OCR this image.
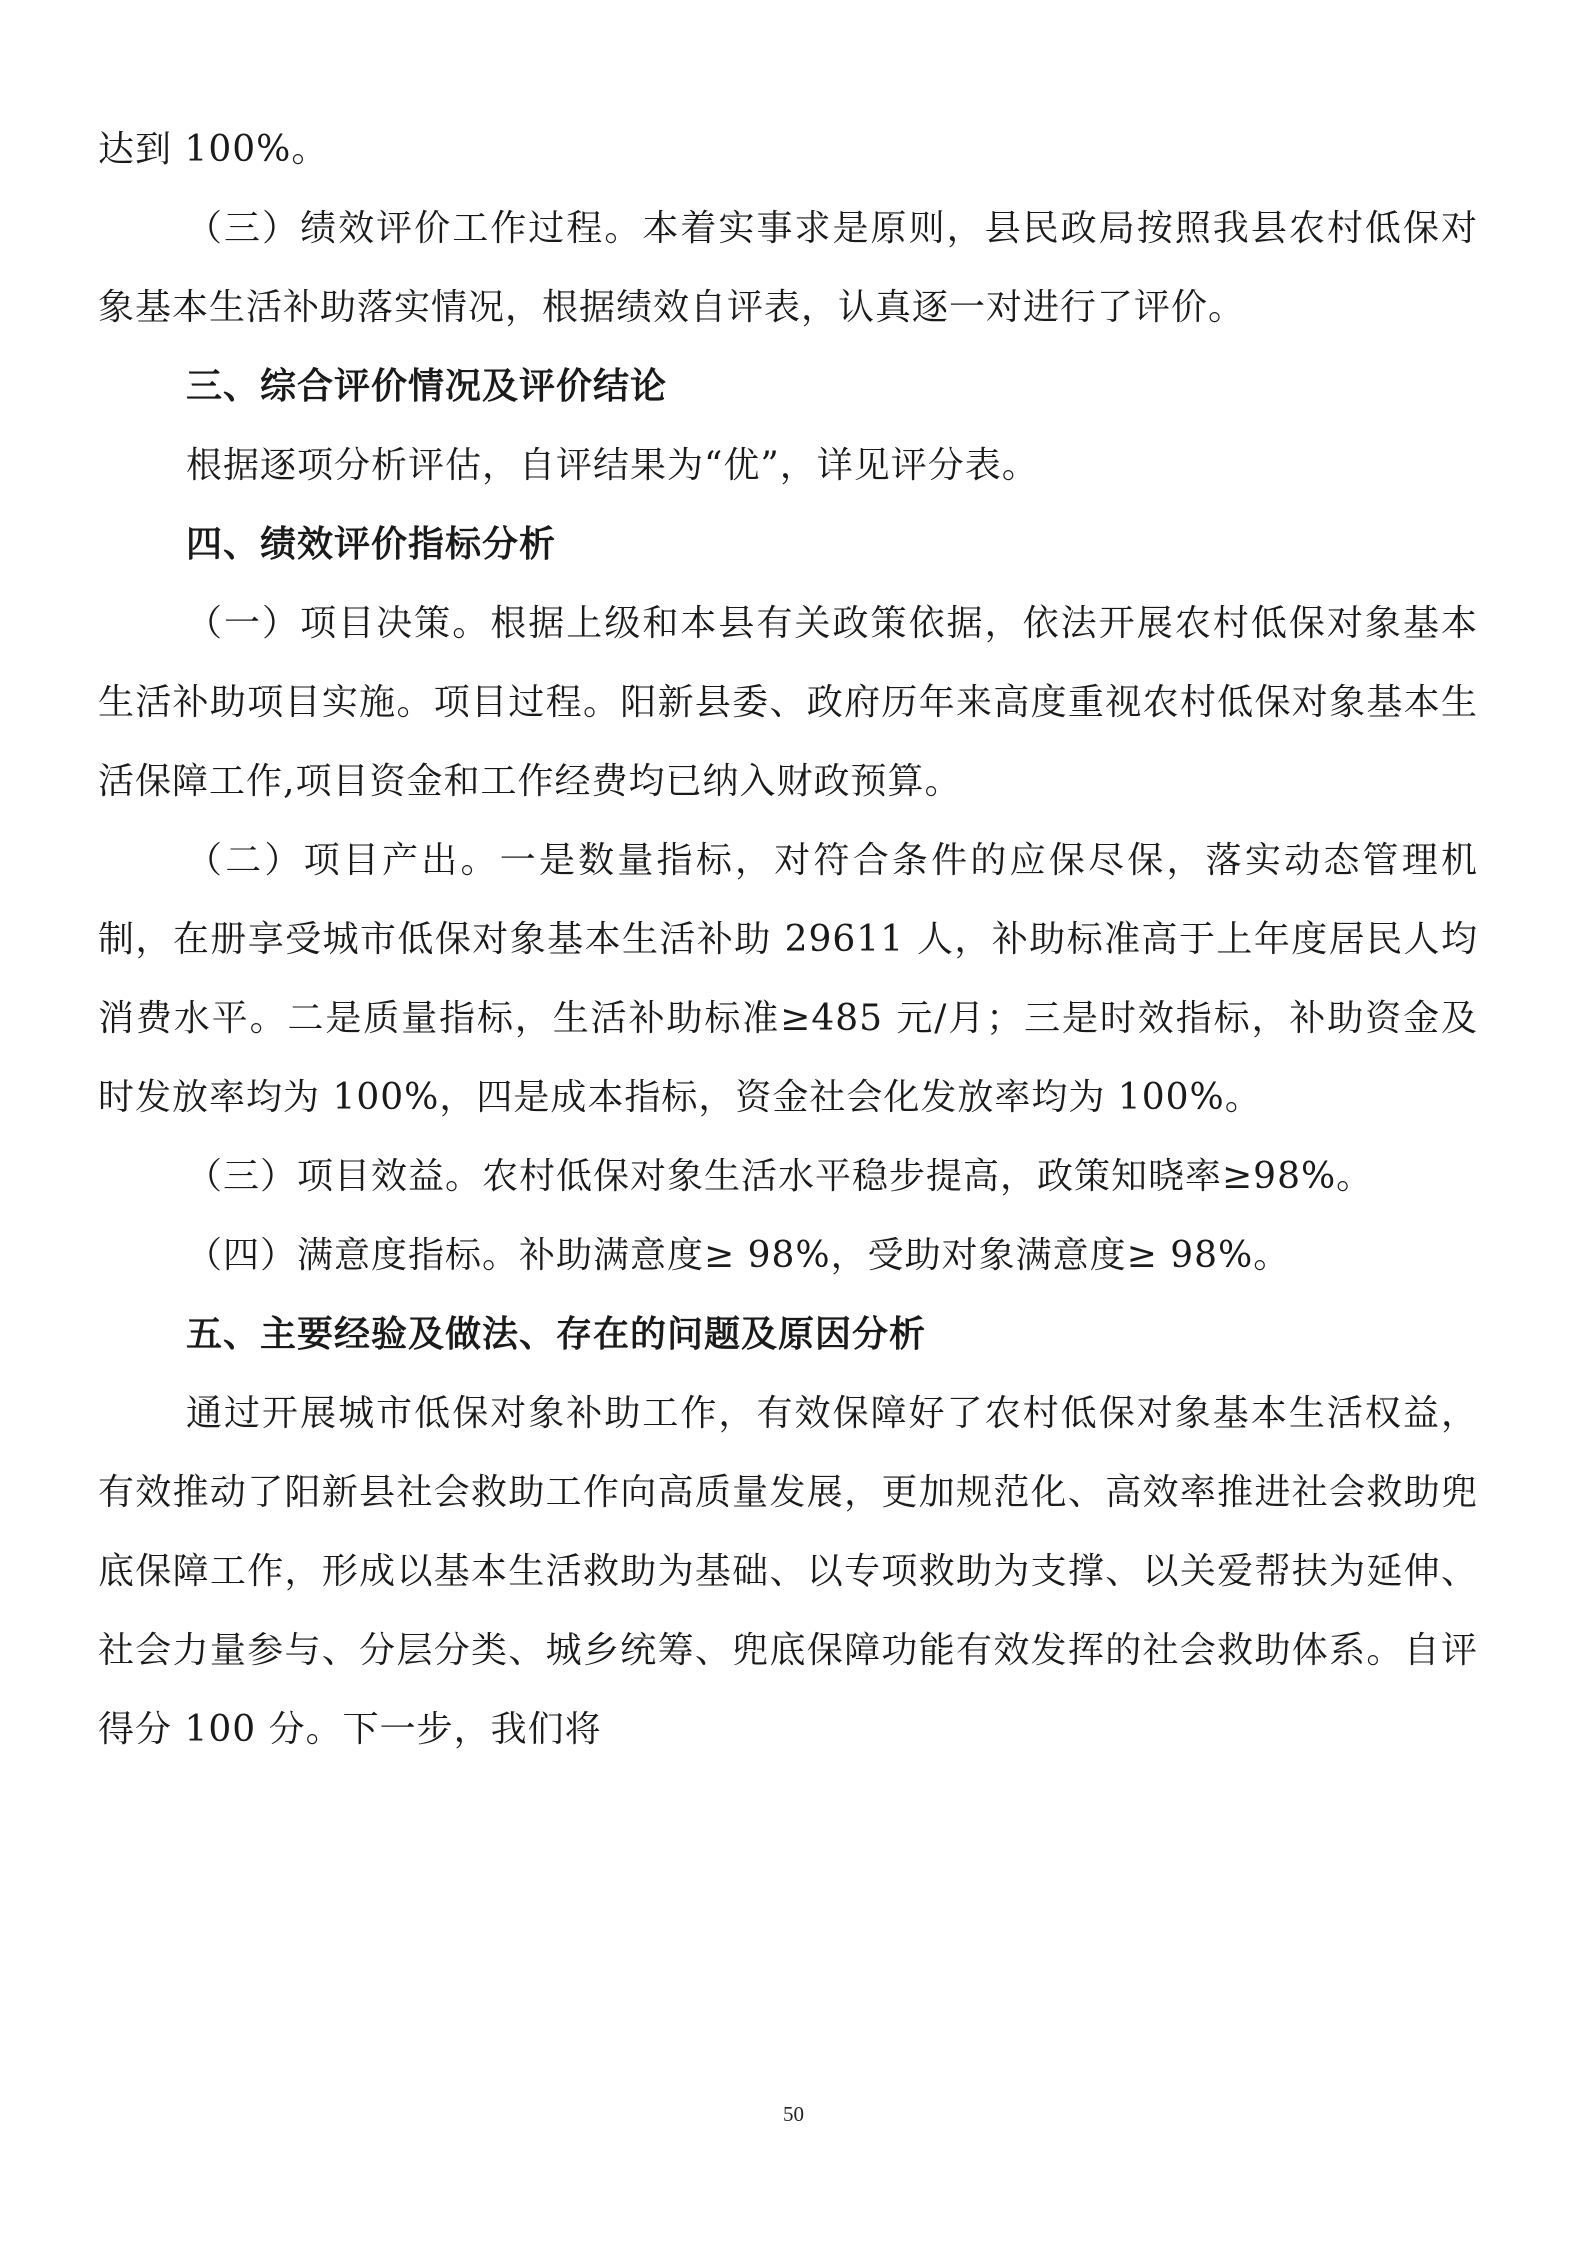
达到 100%。

（三）绩效评价工作过程。本着实事求是原则，县民政局按照我县农村低保对象基本生活补助落实情况，根据绩效自评表，认真逐一对进行了评价。

三、综合评价情况及评价结论

根据逐项分析评估，自评结果为“优”，详见评分表。

四、绩效评价指标分析

（一）项目决策。根据上级和本县有关政策依据，依法开展农村低保对象基本生活补助项目实施。项目过程。阳新县委、政府历年来高度重视农村低保对象基本生活保障工作,项目资金和工作经费均已纳入财政预算。

（二）项目产出。一是数量指标，对符合条件的应保尽保，落实动态管理机制，在册享受城市低保对象基本生活补助 29611 人，补助标准高于上年度居民人均消费水平。二是质量指标，生活补助标准≥485 元/月；三是时效指标，补助资金及时发放率均为 100%，四是成本指标，资金社会化发放率均为 100%。

（三）项目效益。农村低保对象生活水平稳步提高，政策知晓率≥98%。

（四）满意度指标。补助满意度≥ 98%，受助对象满意度≥ 98%。

五、主要经验及做法、存在的问题及原因分析

通过开展城市低保对象补助工作，有效保障好了农村低保对象基本生活权益，有效推动了阳新县社会救助工作向高质量发展，更加规范化、高效率推进社会救助兜底保障工作，形成以基本生活救助为基础、以专项救助为支撑、以关爱帮扶为延伸、社会力量参与、分层分类、城乡统筹、兜底保障功能有效发挥的社会救助体系。自评得分 100 分。下一步，我们将

50
